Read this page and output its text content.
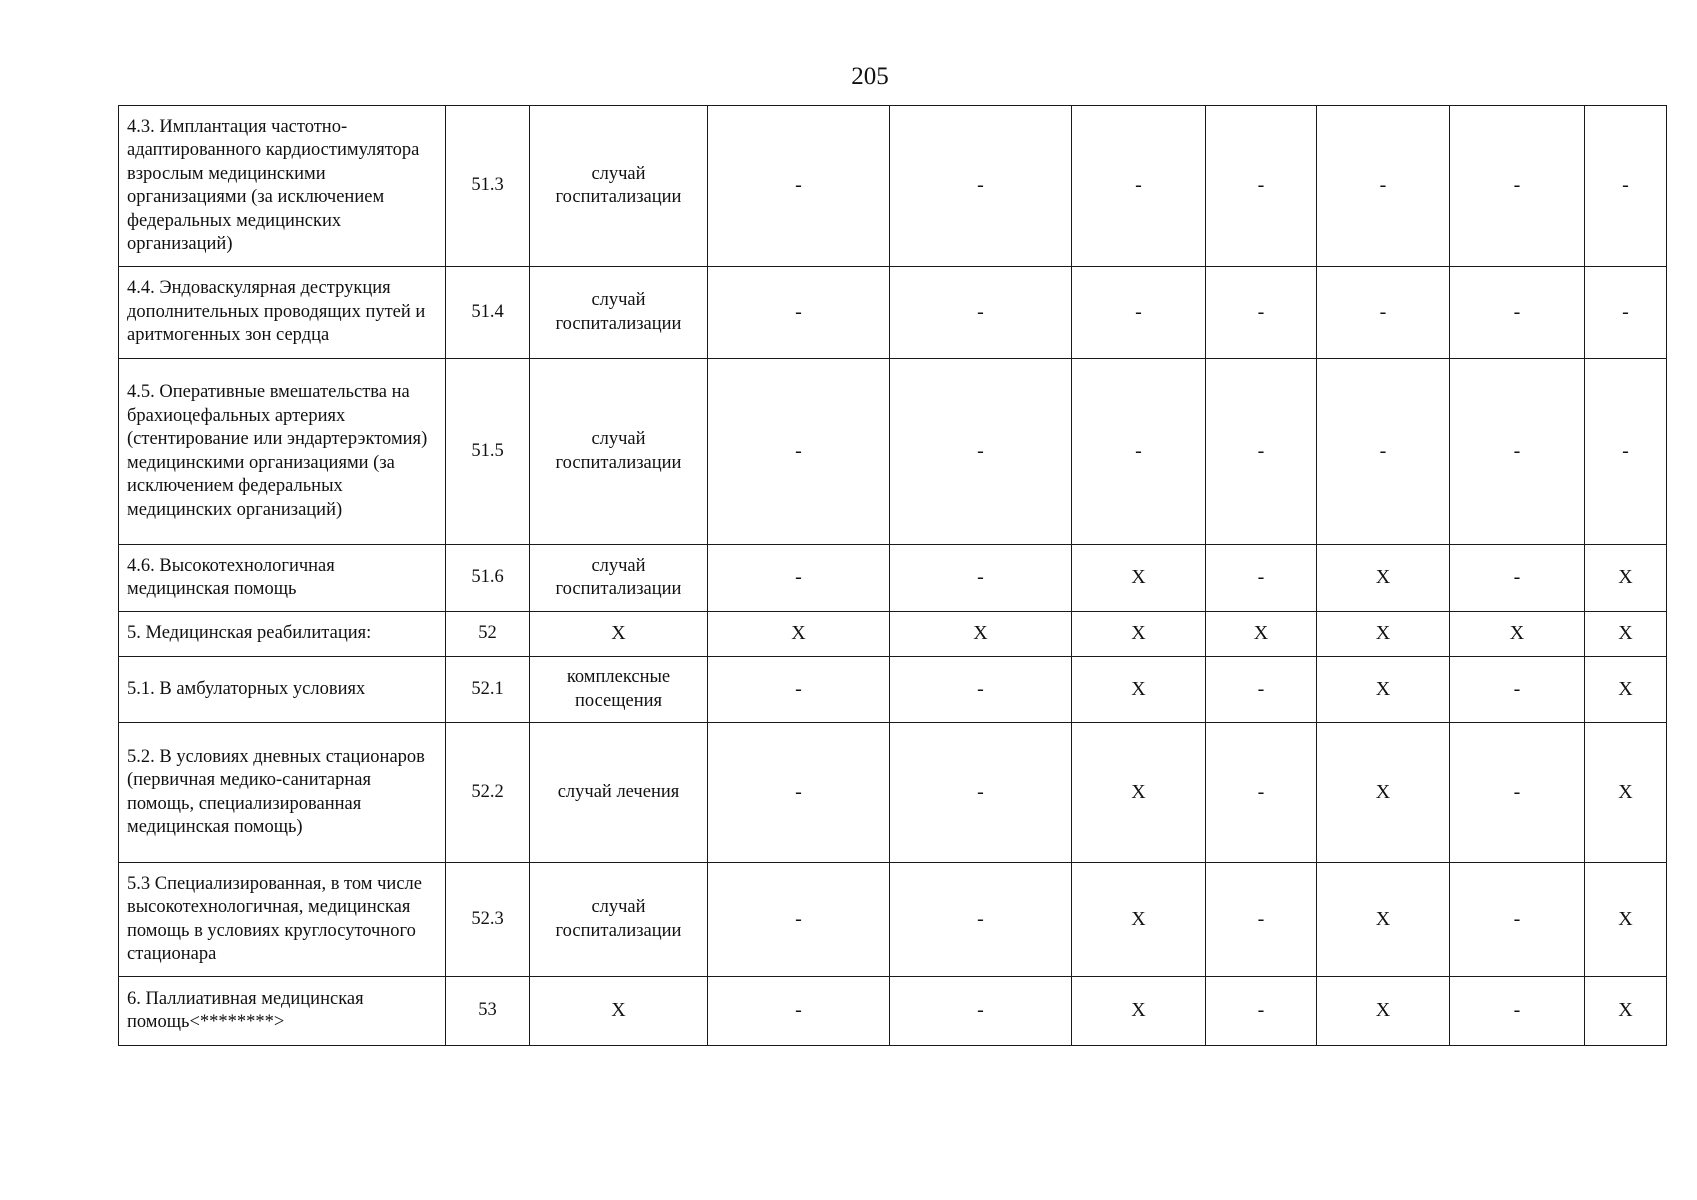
205
4.3. Имплантация частотно-адаптированного кардиостимулятора взрослым медицинскими организациями (за исключением федеральных медицинских организаций)	51.3	случай госпитализации	-	-	-	-	-	-	-
4.4. Эндоваскулярная деструкция дополнительных проводящих путей и аритмогенных зон сердца	51.4	случай госпитализации	-	-	-	-	-	-	-
4.5. Оперативные вмешательства на брахиоцефальных артериях (стентирование или эндартерэктомия) медицинскими организациями (за исключением федеральных медицинских организаций)	51.5	случай госпитализации	-	-	-	-	-	-	-
4.6. Высокотехнологичная медицинская помощь	51.6	случай госпитализации	-	-	X	-	X	-	X
5. Медицинская реабилитация:	52	X	X	X	X	X	X	X	X
5.1. В амбулаторных условиях	52.1	комплексные посещения	-	-	X	-	X	-	X
5.2. В условиях дневных стационаров (первичная медико-санитарная помощь, специализированная медицинская помощь)	52.2	случай лечения	-	-	X	-	X	-	X
5.3 Специализированная, в том числе высокотехнологичная, медицинская помощь в условиях круглосуточного стационара	52.3	случай госпитализации	-	-	X	-	X	-	X
6. Паллиативная медицинская помощь<********>	53	X	-	-	X	-	X	-	X
